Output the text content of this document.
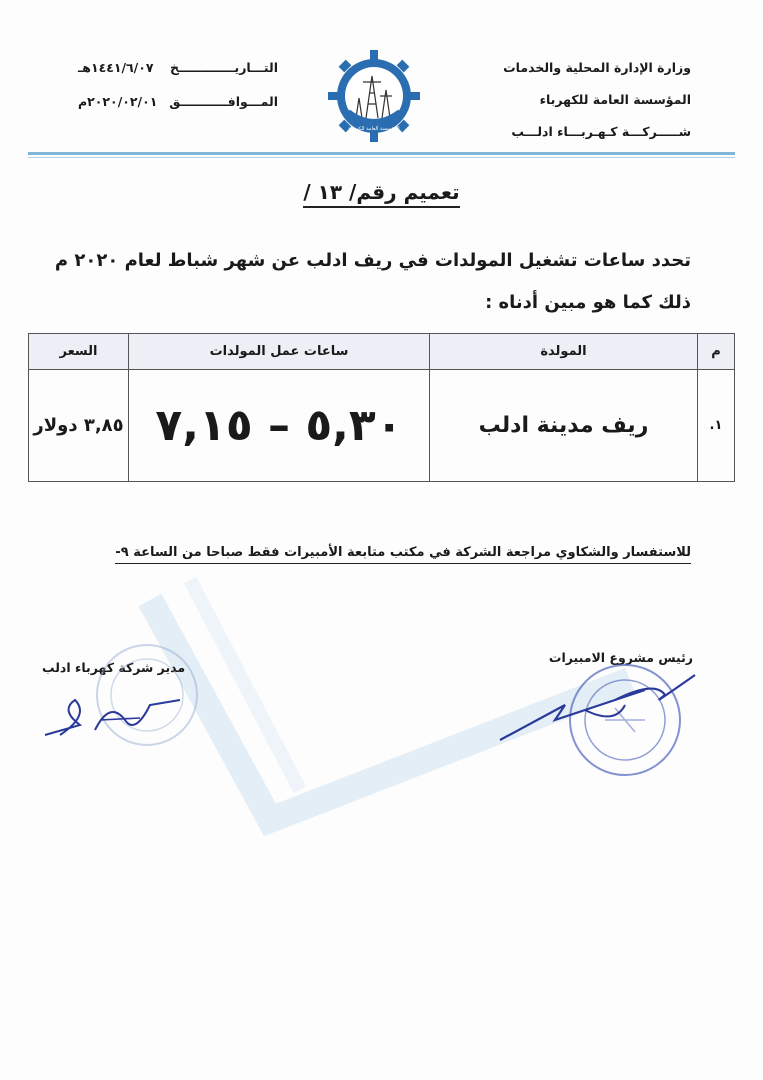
وزارة الإدارة المحلية والخدمات
المؤسسة العامة للكهرباء
شـــــركـــة كـهـربـــاء ادلـــب
المؤسسة العامة للكهرباء
التـــاريـــــــــــــخ
١٤٤١/٦/٠٧هـ
المـــوافـــــــــــق
٢٠٢٠/٠٢/٠١م
تعميم رقم/ ١٣ /
تحدد ساعات تشغيل المولدات في ريف ادلب عن شهر شباط لعام ٢٠٢٠ م
ذلك كما هو مبين أدناه :
م	المولدة	ساعات عمل المولدات	السعر
١.	ريف مدينة ادلب	٥,٣٠ – ٧,١٥	٣,٨٥ دولار
للاستفسار والشكاوي مراجعة الشركة في مكتب متابعة الأمبيرات فقط صباحا من الساعة ٩-
رئيس مشروع الامبيرات
مدير شركة كهرباء ادلب
